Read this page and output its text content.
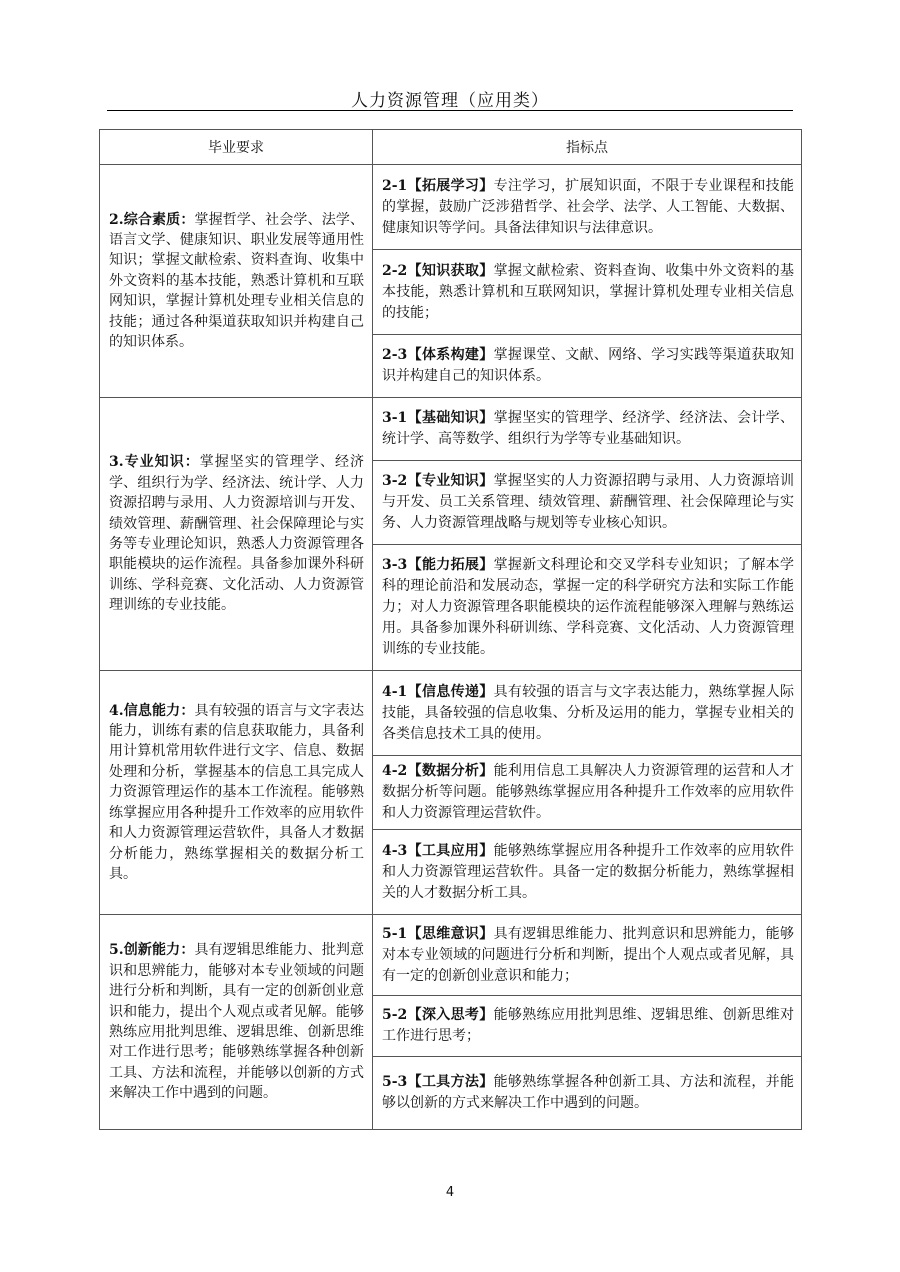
人力资源管理（应用类）
毕业要求	指标点
2.综合素质：掌握哲学、社会学、法学、语言文学、健康知识、职业发展等通用性知识；掌握文献检索、资料查询、收集中外文资料的基本技能，熟悉计算机和互联网知识，掌握计算机处理专业相关信息的技能；通过各种渠道获取知识并构建自己的知识体系。	2-1【拓展学习】专注学习，扩展知识面，不限于专业课程和技能的掌握，鼓励广泛涉猎哲学、社会学、法学、人工智能、大数据、健康知识等学问。具备法律知识与法律意识。
	2-2【知识获取】掌握文献检索、资料查询、收集中外文资料的基本技能，熟悉计算机和互联网知识，掌握计算机处理专业相关信息的技能；
	2-3【体系构建】掌握课堂、文献、网络、学习实践等渠道获取知识并构建自己的知识体系。
3.专业知识：掌握坚实的管理学、经济学、组织行为学、经济法、统计学、人力资源招聘与录用、人力资源培训与开发、绩效管理、薪酬管理、社会保障理论与实务等专业理论知识，熟悉人力资源管理各职能模块的运作流程。具备参加课外科研训练、学科竞赛、文化活动、人力资源管理训练的专业技能。	3-1【基础知识】掌握坚实的管理学、经济学、经济法、会计学、统计学、高等数学、组织行为学等专业基础知识。
	3-2【专业知识】掌握坚实的人力资源招聘与录用、人力资源培训与开发、员工关系管理、绩效管理、薪酬管理、社会保障理论与实务、人力资源管理战略与规划等专业核心知识。
	3-3【能力拓展】掌握新文科理论和交叉学科专业知识；了解本学科的理论前沿和发展动态，掌握一定的科学研究方法和实际工作能力；对人力资源管理各职能模块的运作流程能够深入理解与熟练运用。具备参加课外科研训练、学科竞赛、文化活动、人力资源管理训练的专业技能。
4.信息能力：具有较强的语言与文字表达能力，训练有素的信息获取能力，具备利用计算机常用软件进行文字、信息、数据处理和分析，掌握基本的信息工具完成人力资源管理运作的基本工作流程。能够熟练掌握应用各种提升工作效率的应用软件和人力资源管理运营软件，具备人才数据分析能力，熟练掌握相关的数据分析工具。	4-1【信息传递】具有较强的语言与文字表达能力，熟练掌握人际技能，具备较强的信息收集、分析及运用的能力，掌握专业相关的各类信息技术工具的使用。
	4-2【数据分析】能利用信息工具解决人力资源管理的运营和人才数据分析等问题。能够熟练掌握应用各种提升工作效率的应用软件和人力资源管理运营软件。
	4-3【工具应用】能够熟练掌握应用各种提升工作效率的应用软件和人力资源管理运营软件。具备一定的数据分析能力，熟练掌握相关的人才数据分析工具。
5.创新能力：具有逻辑思维能力、批判意识和思辨能力，能够对本专业领域的问题进行分析和判断，具有一定的创新创业意识和能力，提出个人观点或者见解。能够熟练应用批判思维、逻辑思维、创新思维对工作进行思考；能够熟练掌握各种创新工具、方法和流程，并能够以创新的方式来解决工作中遇到的问题。	5-1【思维意识】具有逻辑思维能力、批判意识和思辨能力，能够对本专业领域的问题进行分析和判断，提出个人观点或者见解，具有一定的创新创业意识和能力；
	5-2【深入思考】能够熟练应用批判思维、逻辑思维、创新思维对工作进行思考；
	5-3【工具方法】能够熟练掌握各种创新工具、方法和流程，并能够以创新的方式来解决工作中遇到的问题。
4
